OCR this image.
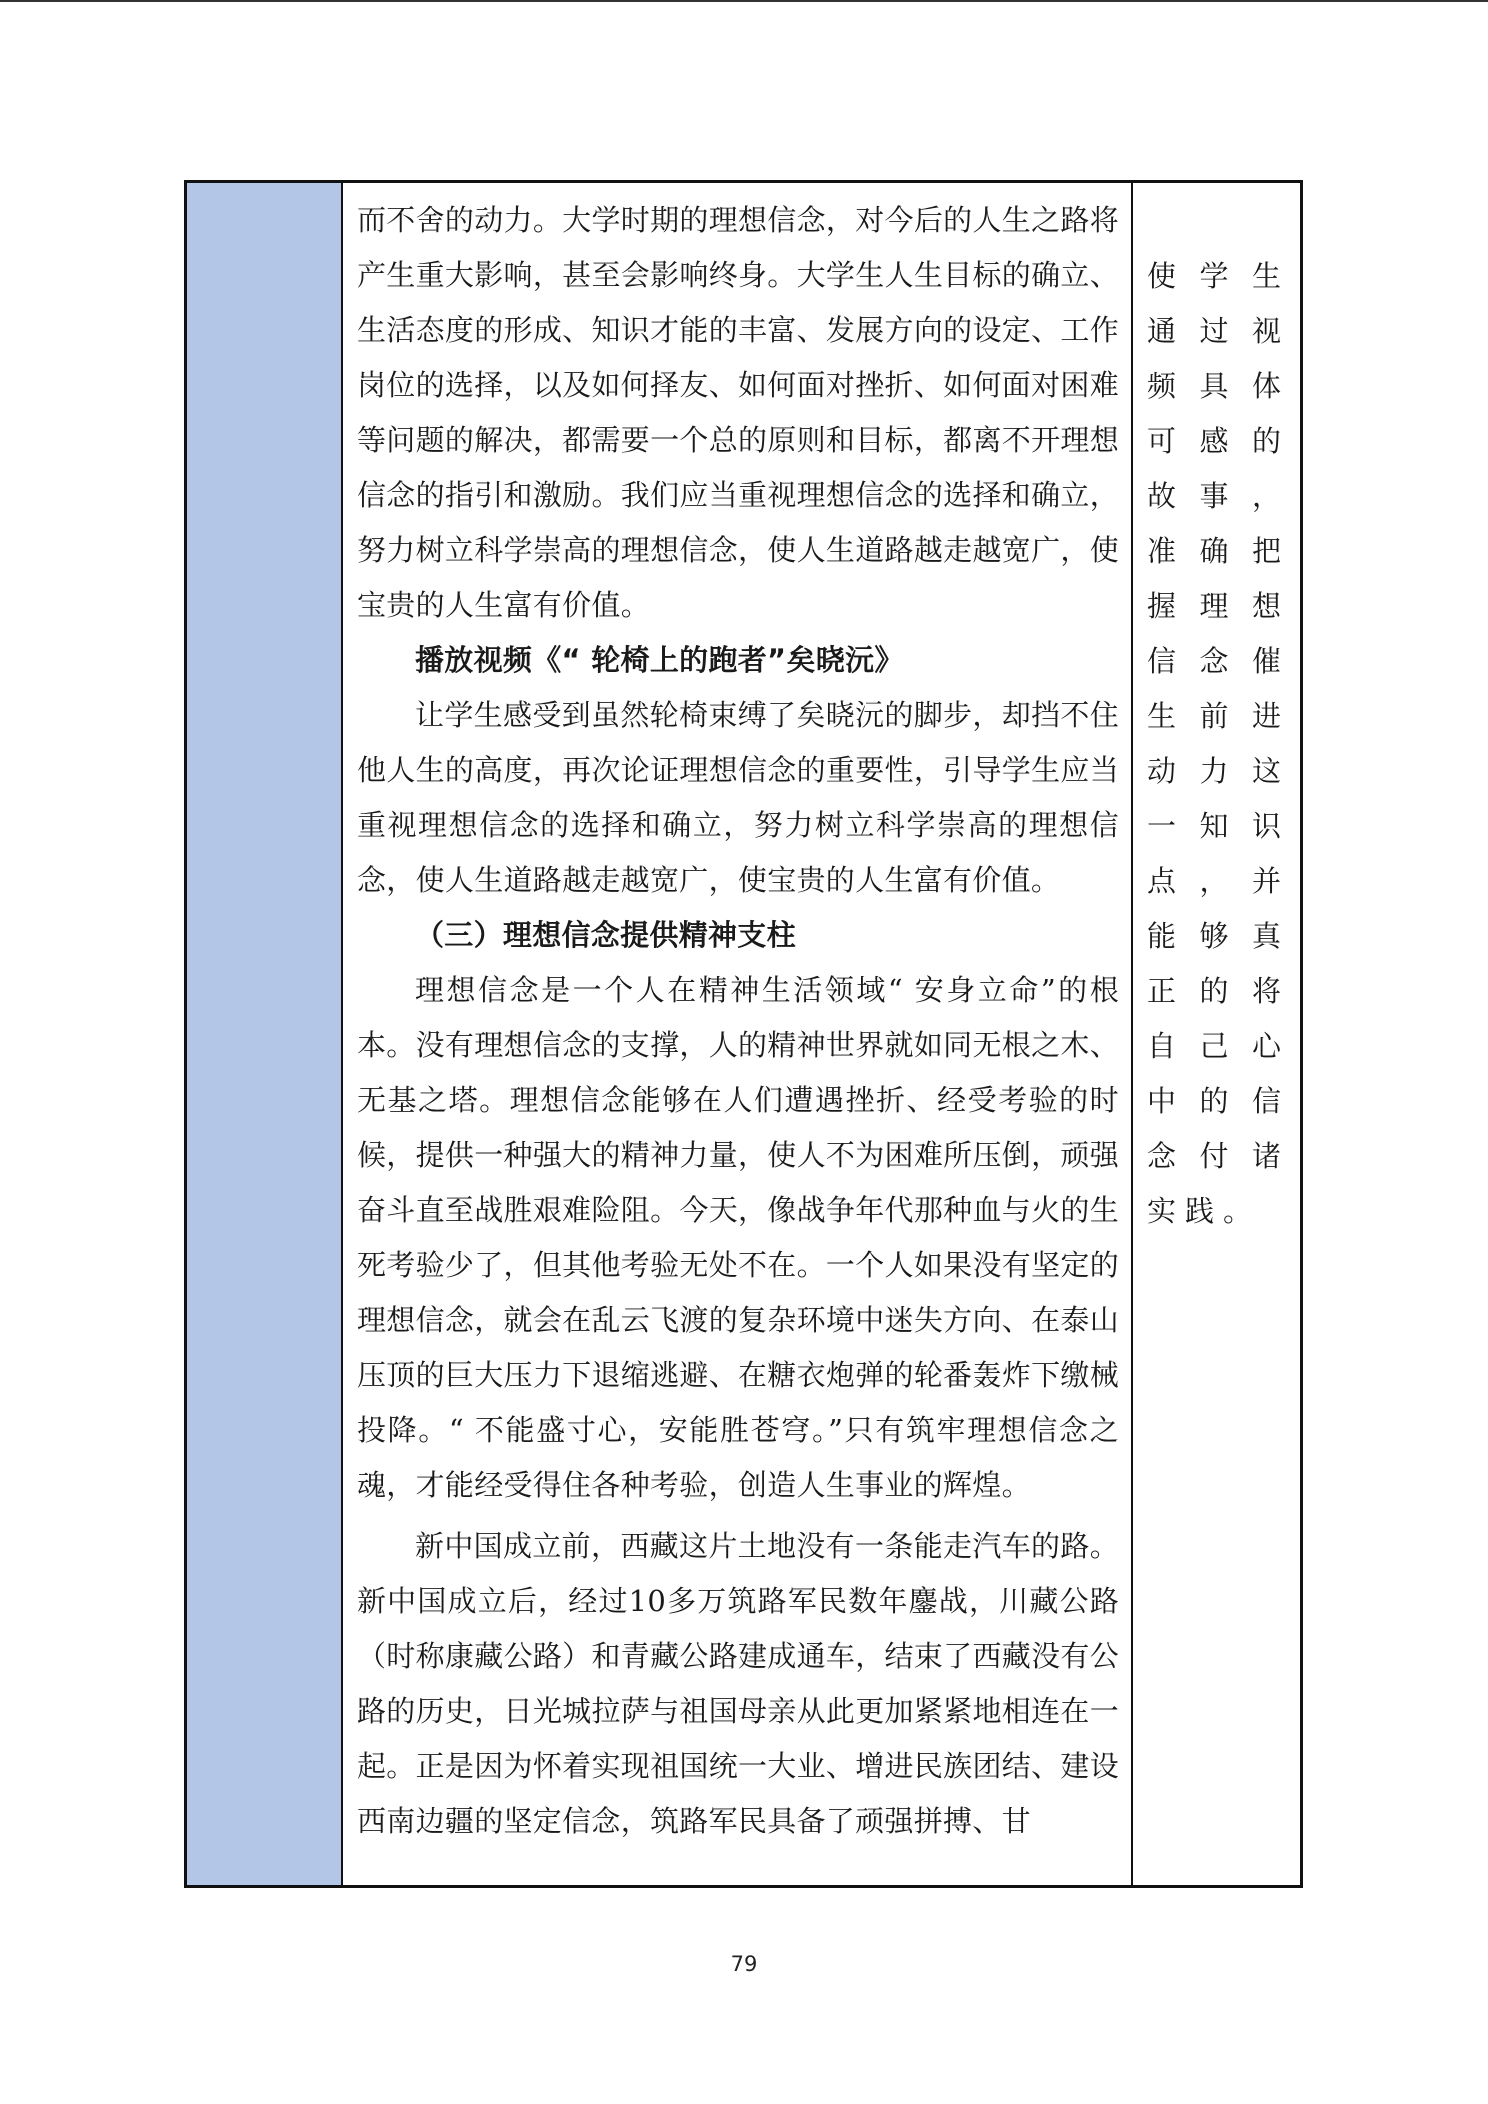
而不舍的动力。大学时期的理想信念，对今后的人生之路将产生重大影响，甚至会影响终身。大学生人生目标的确立、生活态度的形成、知识才能的丰富、发展方向的设定、工作岗位的选择，以及如何择友、如何面对挫折、如何面对困难等问题的解决，都需要一个总的原则和目标，都离不开理想信念的指引和激励。我们应当重视理想信念的选择和确立，努力树立科学崇高的理想信念，使人生道路越走越宽广，使宝贵的人生富有价值。

播放视频《“ 轮椅上的跑者”矣晓沅》

让学生感受到虽然轮椅束缚了矣晓沅的脚步，却挡不住他人生的高度，再次论证理想信念的重要性，引导学生应当重视理想信念的选择和确立，努力树立科学崇高的理想信念，使人生道路越走越宽广，使宝贵的人生富有价值。

（三）理想信念提供精神支柱

理想信念是一个人在精神生活领域“ 安身立命”的根本。没有理想信念的支撑，人的精神世界就如同无根之木、无基之塔。理想信念能够在人们遭遇挫折、经受考验的时候，提供一种强大的精神力量，使人不为困难所压倒，顽强奋斗直至战胜艰难险阻。今天，像战争年代那种血与火的生死考验少了，但其他考验无处不在。一个人如果没有坚定的理想信念，就会在乱云飞渡的复杂环境中迷失方向、在泰山压顶的巨大压力下退缩逃避、在糖衣炮弹的轮番轰炸下缴械投降。“ 不能盛寸心，安能胜苍穹。”只有筑牢理想信念之魂，才能经受得住各种考验，创造人生事业的辉煌。

新中国成立前，西藏这片土地没有一条能走汽车的路。新中国成立后，经过10多万筑路军民数年鏖战，川藏公路（时称康藏公路）和青藏公路建成通车，结束了西藏没有公路的历史，日光城拉萨与祖国母亲从此更加紧紧地相连在一起。正是因为怀着实现祖国统一大业、增进民族团结、建设西南边疆的坚定信念，筑路军民具备了顽强拼搏、甘

使学生通过视频具体可感的故事，准确把握理想信念催生前进动力这一知识点，并能够真正的将自己心中的信念付诸实践。

79
